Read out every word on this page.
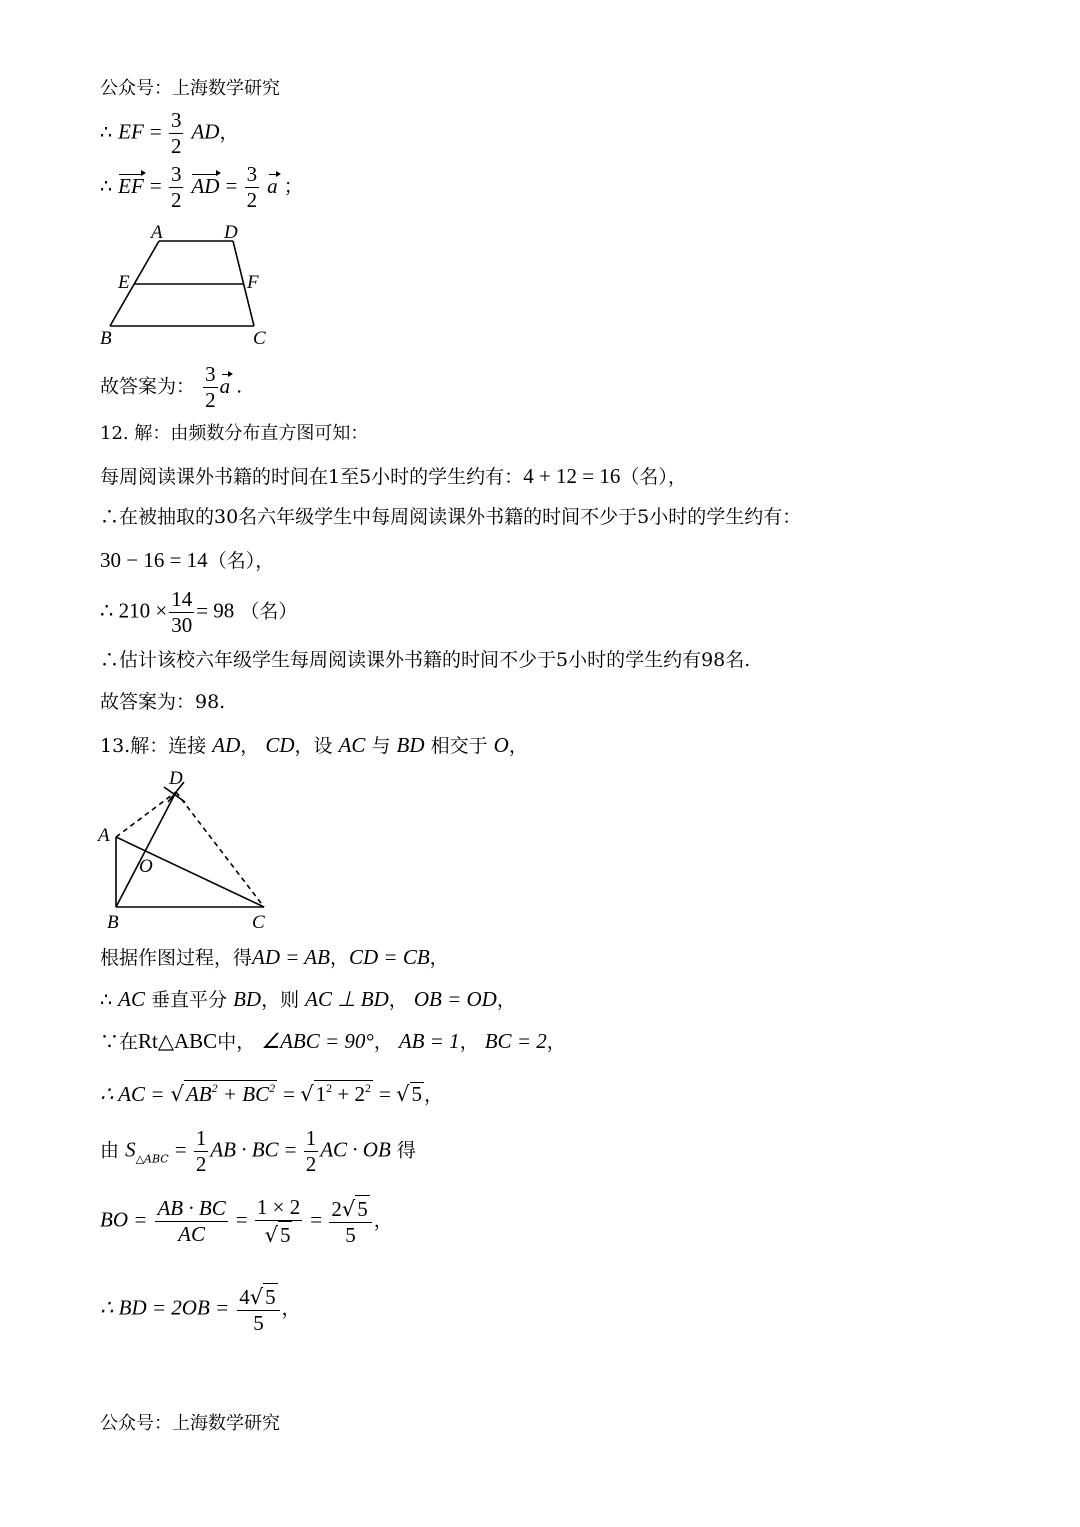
公众号：上海数学研究
∴ EF = $\frac{3}{2}$ AD，
∴ EF = $\frac{3}{2}$ AD = $\frac{3}{2}$ a ；
A	D
E	F
B	C
故答案为： $\frac{3}{2}$ a .
12. 解：由频数分布直方图可知：
每周阅读课外书籍的时间在1至5小时的学生约有：4 + 12 = 16（名），
∴在被抽取的30名六年级学生中每周阅读课外书籍的时间不少于5小时的学生约有：
30 − 16 = 14（名），
∴ $210 \times \frac{14}{30} = 98$ （名）
∴估计该校六年级学生每周阅读课外书籍的时间不少于5小时的学生约有98名.
故答案为：98.
13.解：连接 AD， CD，设 AC 与 BD 相交于 O，
D
A
O
B	C
根据作图过程，得AD = AB，CD = CB，
∴ AC 垂直平分 BD，则 AC ⊥ BD， OB = OD，
∵在Rt△ABC中， ∠ABC = 90°， AB = 1， BC = 2，
∴ AC = $√AB^2 + BC^2 = √1^2 + 2^2 = √5$ ，
由 $S_{\triangle ABC} = \frac{1}{2}$ AB · BC = $\frac{1}{2}$ AC · OB 得
BO = $\frac{AB \cdot BC}{AC} = \frac{1 \times 2}{√5} = \frac{2√5}{5}$ ，
∴ BD = $2OB = \frac{4√5}{5}$ ，
公众号：上海数学研究
